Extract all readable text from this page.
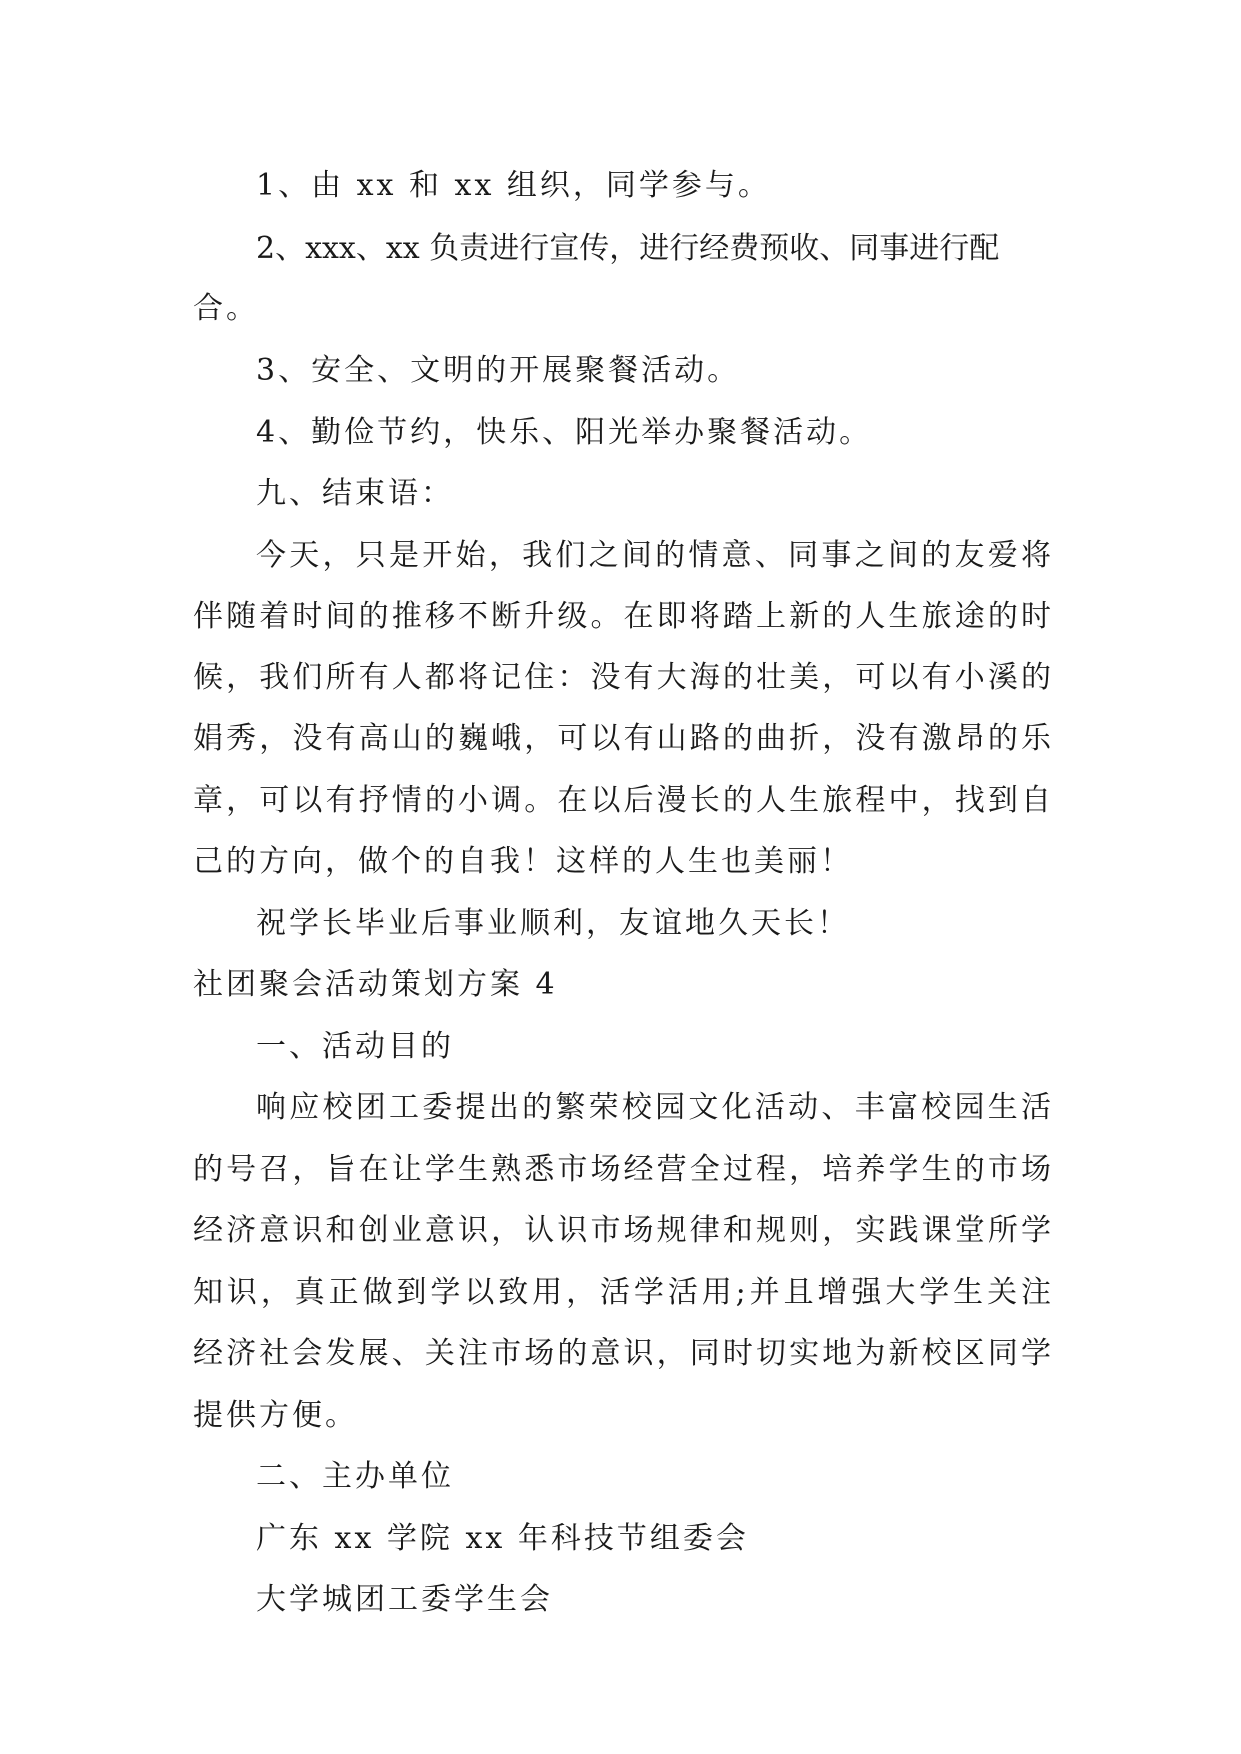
1、由 xx 和 xx 组织，同学参与。
2、xxx、xx 负责进行宣传，进行经费预收、同事进行配
合。
3、安全、文明的开展聚餐活动。
4、勤俭节约，快乐、阳光举办聚餐活动。
九、结束语：
今天，只是开始，我们之间的情意、同事之间的友爱将
伴随着时间的推移不断升级。在即将踏上新的人生旅途的时
候，我们所有人都将记住：没有大海的壮美，可以有小溪的
娟秀，没有高山的巍峨，可以有山路的曲折，没有激昂的乐
章，可以有抒情的小调。在以后漫长的人生旅程中，找到自
己的方向，做个的自我！这样的人生也美丽！
祝学长毕业后事业顺利，友谊地久天长！
社团聚会活动策划方案 4
一、活动目的
响应校团工委提出的繁荣校园文化活动、丰富校园生活
的号召，旨在让学生熟悉市场经营全过程，培养学生的市场
经济意识和创业意识，认识市场规律和规则，实践课堂所学
知识，真正做到学以致用，活学活用;并且增强大学生关注
经济社会发展、关注市场的意识，同时切实地为新校区同学
提供方便。
二、主办单位
广东 xx 学院 xx 年科技节组委会
大学城团工委学生会
